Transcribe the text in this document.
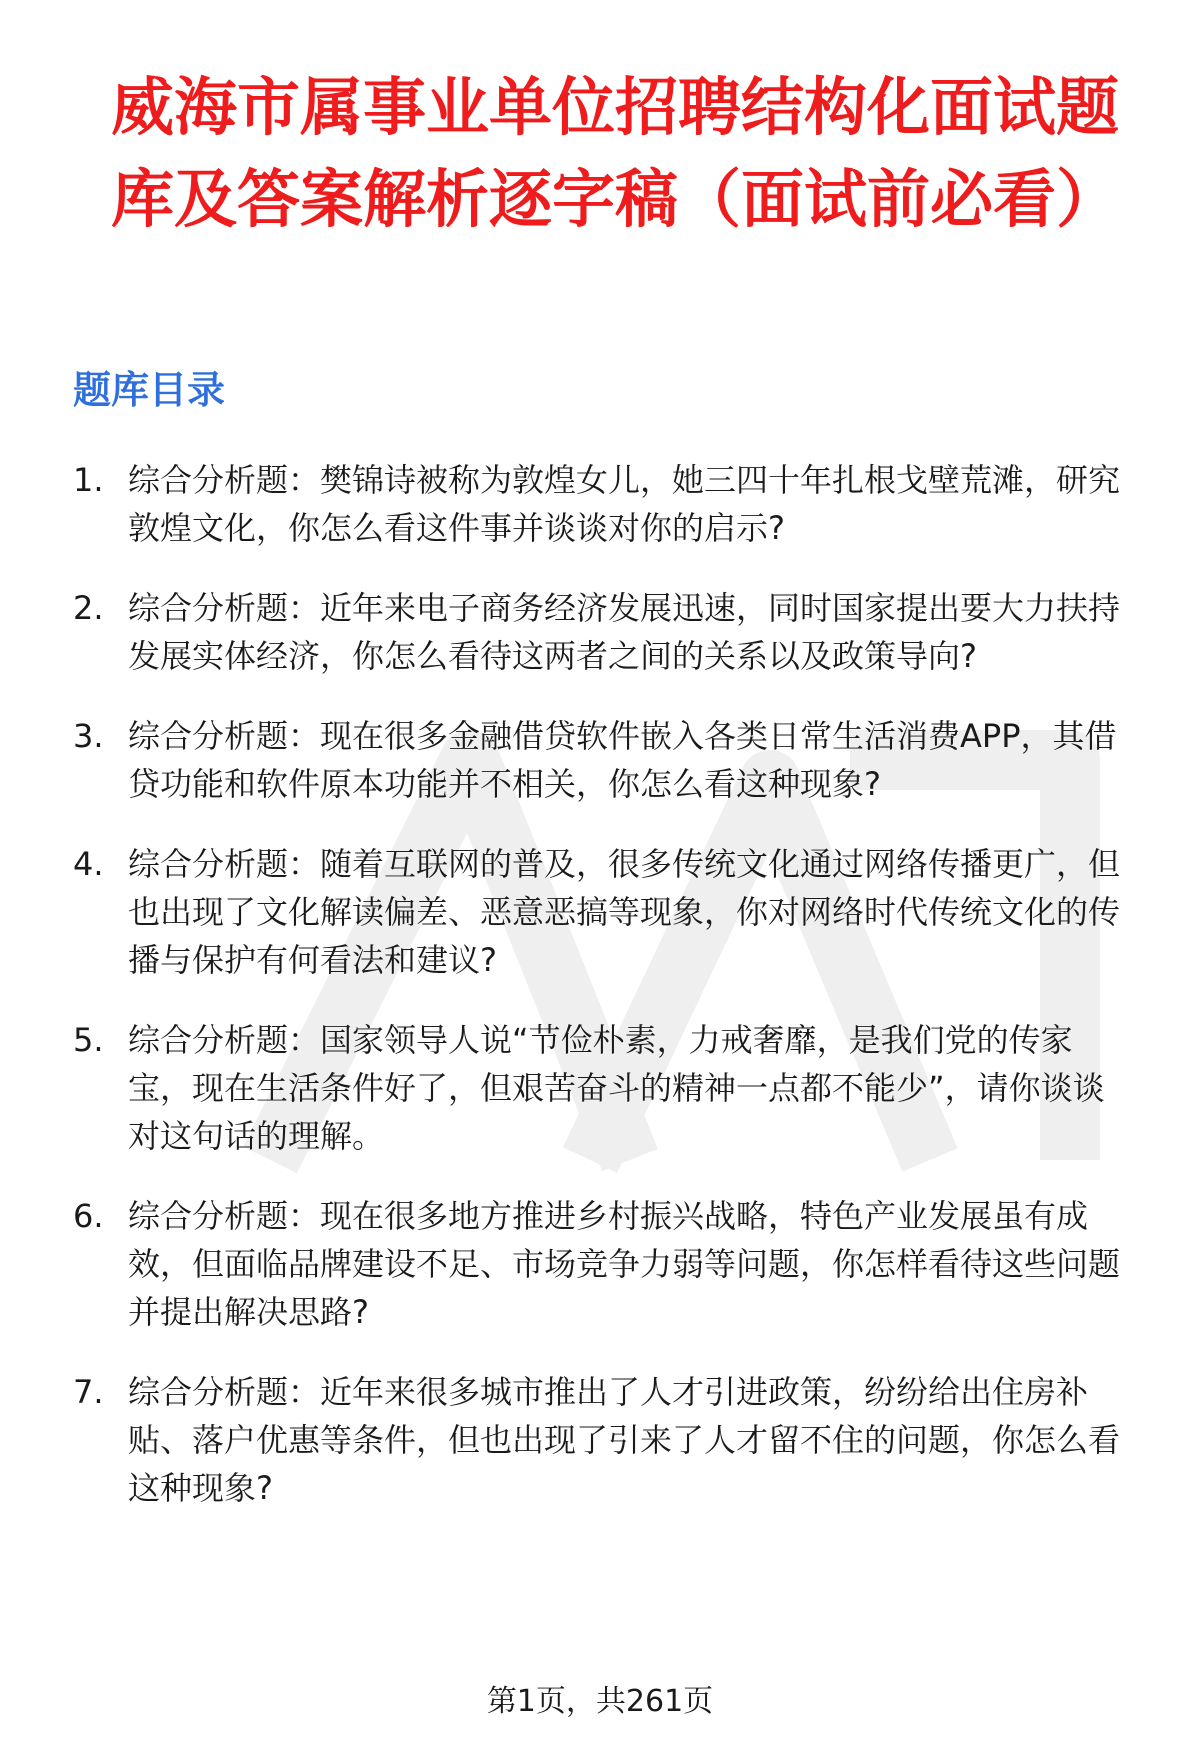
威海市属事业单位招聘结构化面试题库及答案解析逐字稿（面试前必看）
题库目录
1. 综合分析题：樊锦诗被称为敦煌女儿，她三四十年扎根戈壁荒滩，研究敦煌文化，你怎么看这件事并谈谈对你的启示?
2. 综合分析题：近年来电子商务经济发展迅速，同时国家提出要大力扶持发展实体经济，你怎么看待这两者之间的关系以及政策导向?
3. 综合分析题：现在很多金融借贷软件嵌入各类日常生活消费APP，其借贷功能和软件原本功能并不相关，你怎么看这种现象?
4. 综合分析题：随着互联网的普及，很多传统文化通过网络传播更广，但也出现了文化解读偏差、恶意恶搞等现象，你对网络时代传统文化的传播与保护有何看法和建议?
5. 综合分析题：国家领导人说“节俭朴素，力戒奢靡，是我们党的传家宝，现在生活条件好了，但艰苦奋斗的精神一点都不能少”，请你谈谈对这句话的理解。
6. 综合分析题：现在很多地方推进乡村振兴战略，特色产业发展虽有成效，但面临品牌建设不足、市场竞争力弱等问题，你怎样看待这些问题并提出解决思路?
7. 综合分析题：近年来很多城市推出了人才引进政策，纷纷给出住房补贴、落户优惠等条件，但也出现了引来了人才留不住的问题，你怎么看这种现象?
第1页，共261页
